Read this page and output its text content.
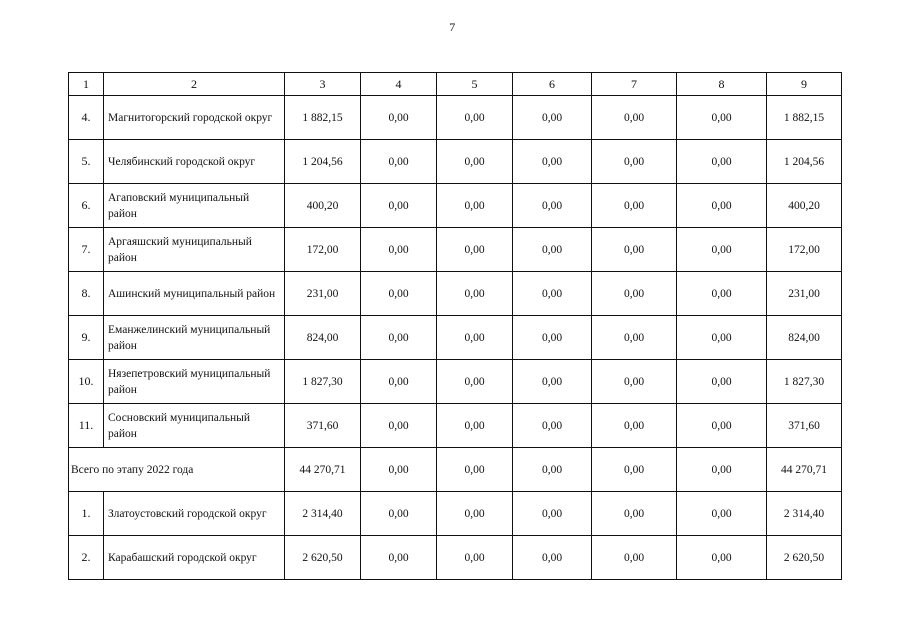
7
1	2	3	4	5	6	7	8	9
4.	Магнитогорский городской округ	1 882,15	0,00	0,00	0,00	0,00	0,00	1 882,15
5.	Челябинский городской округ	1 204,56	0,00	0,00	0,00	0,00	0,00	1 204,56
6.	Агаповский муниципальный район	400,20	0,00	0,00	0,00	0,00	0,00	400,20
7.	Аргаяшский муниципальный район	172,00	0,00	0,00	0,00	0,00	0,00	172,00
8.	Ашинский муниципальный район	231,00	0,00	0,00	0,00	0,00	0,00	231,00
9.	Еманжелинский муниципальный район	824,00	0,00	0,00	0,00	0,00	0,00	824,00
10.	Нязепетровский муниципальный район	1 827,30	0,00	0,00	0,00	0,00	0,00	1 827,30
11.	Сосновский муниципальный район	371,60	0,00	0,00	0,00	0,00	0,00	371,60
Всего по этапу 2022 года		44 270,71	0,00	0,00	0,00	0,00	0,00	44 270,71
1.	Златоустовский городской округ	2 314,40	0,00	0,00	0,00	0,00	0,00	2 314,40
2.	Карабашский городской округ	2 620,50	0,00	0,00	0,00	0,00	0,00	2 620,50
